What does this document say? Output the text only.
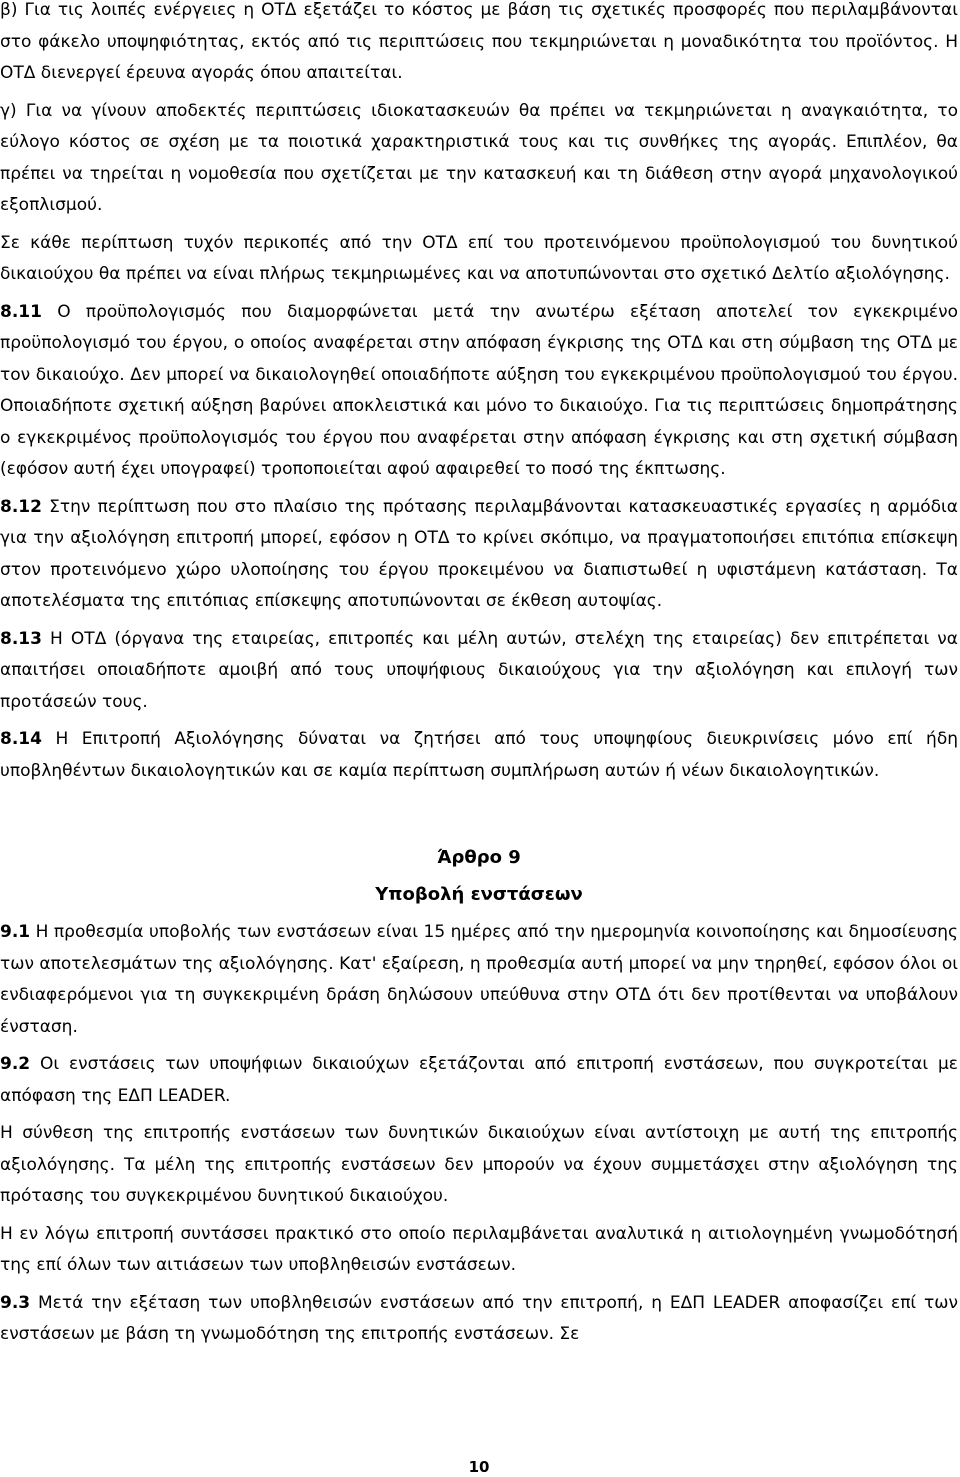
β) Για τις λοιπές ενέργειες η ΟΤΔ εξετάζει το κόστος με βάση τις σχετικές προσφορές που περιλαμβάνονται στο φάκελο υποψηφιότητας, εκτός από τις περιπτώσεις που τεκμηριώνεται η μοναδικότητα του προϊόντος. Η ΟΤΔ διενεργεί έρευνα αγοράς όπου απαιτείται.

γ) Για να γίνουν αποδεκτές περιπτώσεις ιδιοκατασκευών θα πρέπει να τεκμηριώνεται η αναγκαιότητα, το εύλογο κόστος σε σχέση με τα ποιοτικά χαρακτηριστικά τους και τις συνθήκες της αγοράς. Επιπλέον, θα πρέπει να τηρείται η νομοθεσία που σχετίζεται με την κατασκευή και τη διάθεση στην αγορά μηχανολογικού εξοπλισμού.

Σε κάθε περίπτωση τυχόν περικοπές από την ΟΤΔ επί του προτεινόμενου προϋπολογισμού του δυνητικού δικαιούχου θα πρέπει να είναι πλήρως τεκμηριωμένες και να αποτυπώνονται στο σχετικό Δελτίο αξιολόγησης.

8.11 Ο προϋπολογισμός που διαμορφώνεται μετά την ανωτέρω εξέταση αποτελεί τον εγκεκριμένο προϋπολογισμό του έργου, ο οποίος αναφέρεται στην απόφαση έγκρισης της ΟΤΔ και στη σύμβαση της ΟΤΔ με τον δικαιούχο. Δεν μπορεί να δικαιολογηθεί οποιαδήποτε αύξηση του εγκεκριμένου προϋπολογισμού του έργου. Οποιαδήποτε σχετική αύξηση βαρύνει αποκλειστικά και μόνο το δικαιούχο. Για τις περιπτώσεις δημοπράτησης ο εγκεκριμένος προϋπολογισμός του έργου που αναφέρεται στην απόφαση έγκρισης και στη σχετική σύμβαση (εφόσον αυτή έχει υπογραφεί) τροποποιείται αφού αφαιρεθεί το ποσό της έκπτωσης.

8.12 Στην περίπτωση που στο πλαίσιο της πρότασης περιλαμβάνονται κατασκευαστικές εργασίες η αρμόδια για την αξιολόγηση επιτροπή μπορεί, εφόσον η ΟΤΔ το κρίνει σκόπιμο, να πραγματοποιήσει επιτόπια επίσκεψη στον προτεινόμενο χώρο υλοποίησης του έργου προκειμένου να διαπιστωθεί η υφιστάμενη κατάσταση. Τα αποτελέσματα της επιτόπιας επίσκεψης αποτυπώνονται σε έκθεση αυτοψίας.

8.13 Η ΟΤΔ (όργανα της εταιρείας, επιτροπές και μέλη αυτών, στελέχη της εταιρείας) δεν επιτρέπεται να απαιτήσει οποιαδήποτε αμοιβή από τους υποψήφιους δικαιούχους για την αξιολόγηση και επιλογή των προτάσεών τους.

8.14 Η Επιτροπή Αξιολόγησης δύναται να ζητήσει από τους υποψηφίους διευκρινίσεις μόνο επί ήδη υποβληθέντων δικαιολογητικών και σε καμία περίπτωση συμπλήρωση αυτών ή νέων δικαιολογητικών.

Άρθρο 9
Υποβολή ενστάσεων

9.1 Η προθεσμία υποβολής των ενστάσεων είναι 15 ημέρες από την ημερομηνία κοινοποίησης και δημοσίευσης των αποτελεσμάτων της αξιολόγησης. Κατ' εξαίρεση, η προθεσμία αυτή μπορεί να μην τηρηθεί, εφόσον όλοι οι ενδιαφερόμενοι για τη συγκεκριμένη δράση δηλώσουν υπεύθυνα στην ΟΤΔ ότι δεν προτίθενται να υποβάλουν ένσταση.

9.2 Οι ενστάσεις των υποψήφιων δικαιούχων εξετάζονται από επιτροπή ενστάσεων, που συγκροτείται με απόφαση της ΕΔΠ LEADER.

Η σύνθεση της επιτροπής ενστάσεων των δυνητικών δικαιούχων είναι αντίστοιχη με αυτή της επιτροπής αξιολόγησης. Τα μέλη της επιτροπής ενστάσεων δεν μπορούν να έχουν συμμετάσχει στην αξιολόγηση της πρότασης του συγκεκριμένου δυνητικού δικαιούχου.

Η εν λόγω επιτροπή συντάσσει πρακτικό στο οποίο περιλαμβάνεται αναλυτικά η αιτιολογημένη γνωμοδότησή της επί όλων των αιτιάσεων των υποβληθεισών ενστάσεων.

9.3 Μετά την εξέταση των υποβληθεισών ενστάσεων από την επιτροπή, η ΕΔΠ LEADER αποφασίζει επί των ενστάσεων με βάση τη γνωμοδότηση της επιτροπής ενστάσεων. Σε

10
